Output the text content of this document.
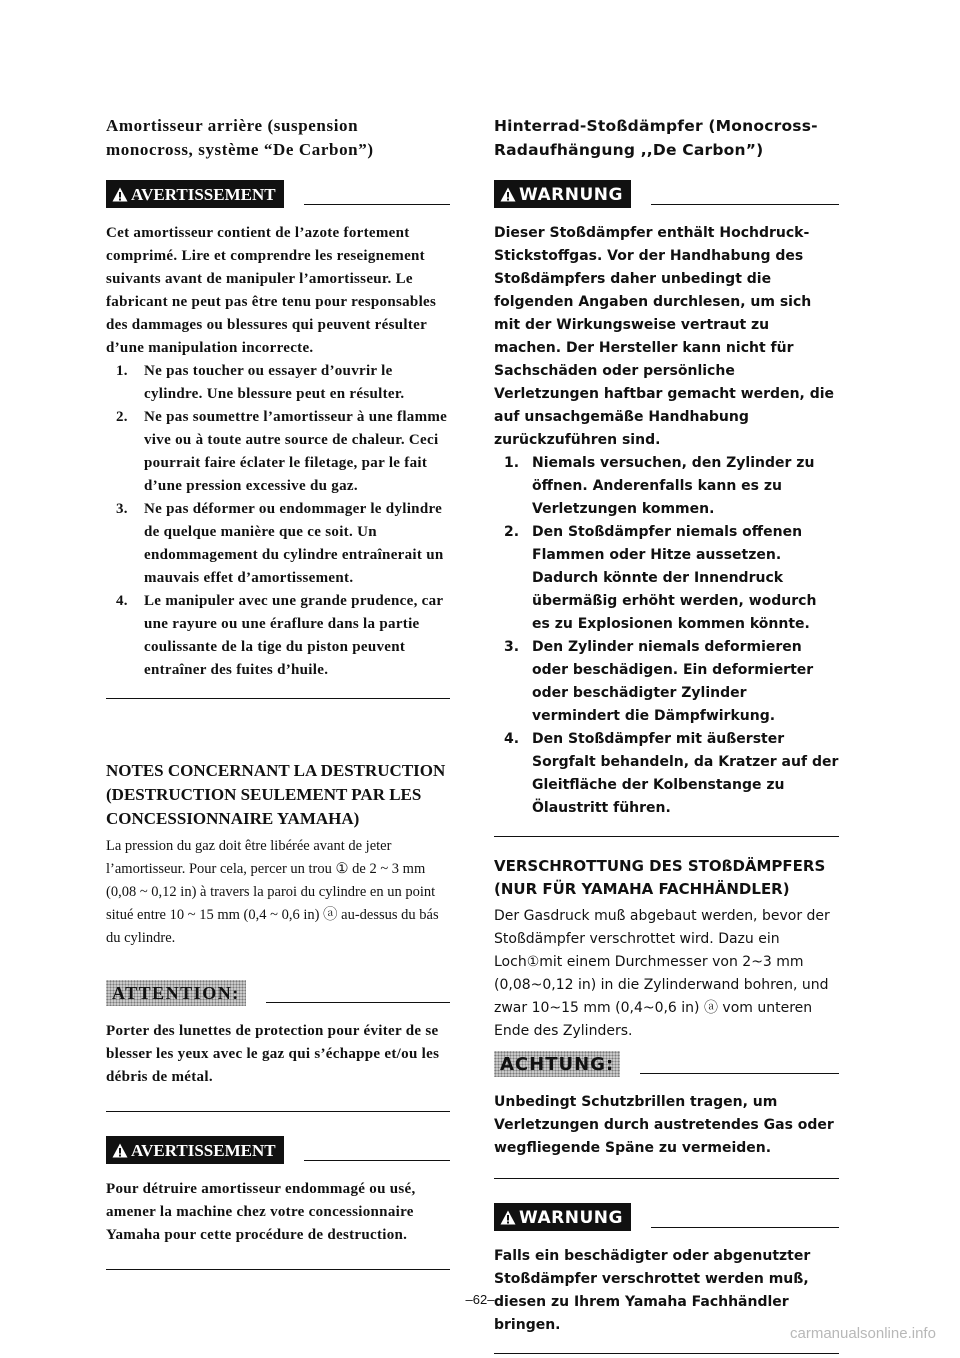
Amortisseur arrière (suspension monocross, système “De Carbon”)
AVERTISSEMENT

Cet amortisseur contient de l’azote fortement comprimé. Lire et comprendre les reseignement suivants avant de manipuler l’amortisseur. Le fabricant ne peut pas être tenu pour responsables des dammages ou blessures qui peuvent résulter d’une manipulation incorrecte.

1. Ne pas toucher ou essayer d’ouvrir le cylindre. Une blessure peut en résulter.
2. Ne pas soumettre l’amortisseur à une flamme vive ou à toute autre source de chaleur. Ceci pourrait faire éclater le filetage, par le fait d’une pression excessive du gaz.
3. Ne pas déformer ou endommager le dylindre de quelque manière que ce soit. Un endommagement du cylindre entraînerait un mauvais effet d’amortissement.
4. Le manipuler avec une grande prudence, car une rayure ou une éraflure dans la partie coulissante de la tige du piston peuvent entraîner des fuites d’huile.
NOTES CONCERNANT LA DESTRUCTION (DESTRUCTION SEULEMENT PAR LES CONCESSIONNAIRE YAMAHA)

La pression du gaz doit être libérée avant de jeter l’amortisseur. Pour cela, percer un trou ① de 2 ~ 3 mm (0,08 ~ 0,12 in) à travers la paroi du cylindre en un point situé entre 10 ~ 15 mm (0,4 ~ 0,6 in) ⓐ au-dessus du bás du cylindre.

ATTENTION:

Porter des lunettes de protection pour éviter de se blesser les yeux avec le gaz qui s’échappe et/ou les débris de métal.

AVERTISSEMENT

Pour détruire amortisseur endommagé ou usé, amener la machine chez votre concessionnaire Yamaha pour cette procédure de destruction.

Hinterrad-Stoßdämpfer (Monocross-Radaufhängung ,,De Carbon”)
WARNUNG

Dieser Stoßdämpfer enthält Hochdruck-Stickstoffgas. Vor der Handhabung des Stoßdämpfers daher unbedingt die folgenden Angaben durchlesen, um sich mit der Wirkungsweise vertraut zu machen. Der Hersteller kann nicht für Sachschäden oder persönliche Verletzungen haftbar gemacht werden, die auf unsachgemäße Handhabung zurückzuführen sind.

1. Niemals versuchen, den Zylinder zu öffnen. Anderenfalls kann es zu Verletzungen kommen.
2. Den Stoßdämpfer niemals offenen Flammen oder Hitze aussetzen. Dadurch könnte der Innendruck übermäßig erhöht werden, wodurch es zu Explosionen kommen könnte.
3. Den Zylinder niemals deformieren oder beschädigen. Ein deformierter oder beschädigter Zylinder vermindert die Dämpfwirkung.
4. Den Stoßdämpfer mit äußerster Sorgfalt behandeln, da Kratzer auf der Gleitfläche der Kolbenstange zu Ölaustritt führen.
VERSCHROTTUNG DES STOßDÄMPFERS (NUR FÜR YAMAHA FACHHÄNDLER)

Der Gasdruck muß abgebaut werden, bevor der Stoßdämpfer verschrottet wird. Dazu ein Loch①mit einem Durchmesser von 2~3 mm (0,08~0,12 in) in die Zylinderwand bohren, und zwar 10~15 mm (0,4~0,6 in) ⓐ vom unteren Ende des Zylinders.

ACHTUNG:

Unbedingt Schutzbrillen tragen, um Verletzungen durch austretendes Gas oder wegfliegende Späne zu vermeiden.

WARNUNG

Falls ein beschädigter oder abgenutzter Stoßdämpfer verschrottet werden muß, diesen zu Ihrem Yamaha Fachhändler bringen.

–62–
carmanualsonline.info
